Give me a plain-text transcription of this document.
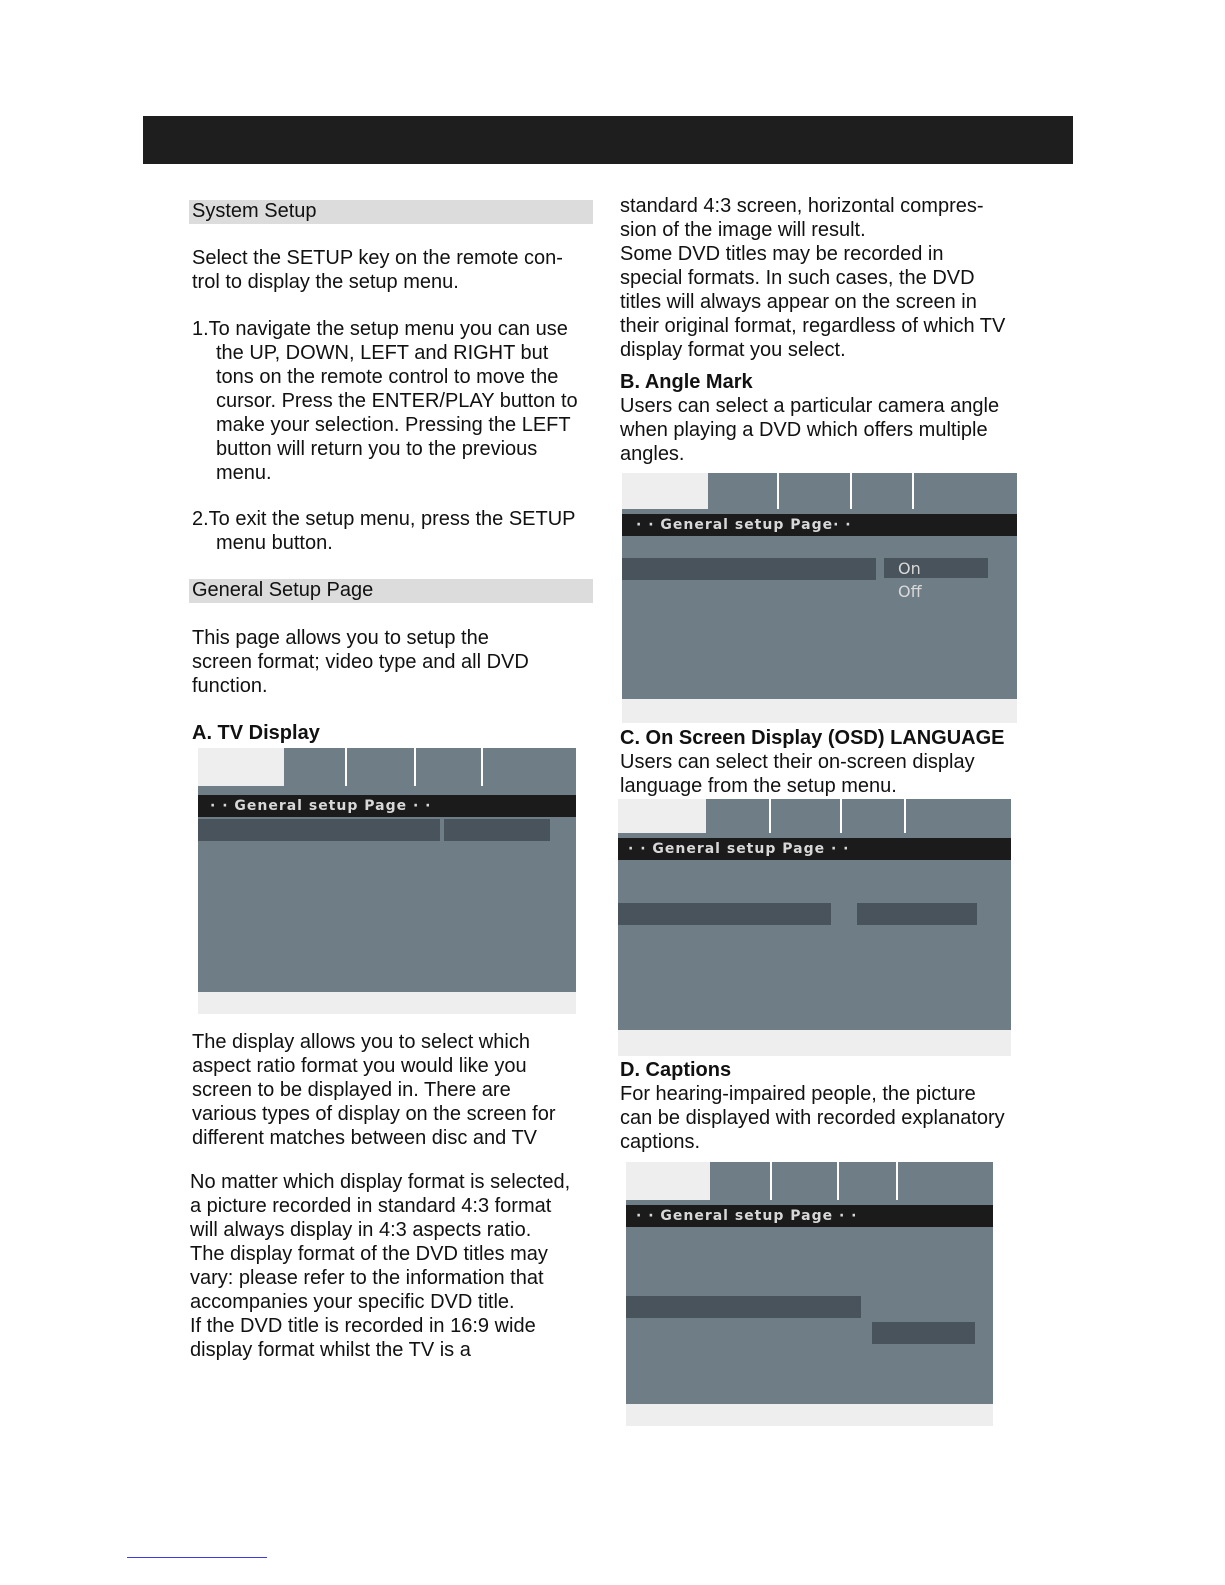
System Setup

Select the SETUP key on the remote con-

trol to display the setup menu.

1.To navigate the setup menu you can use

the UP, DOWN, LEFT and RIGHT but

tons on the remote control to move the

cursor. Press the ENTER/PLAY button to

make your selection. Pressing the LEFT

button will return you to the previous

menu.

2.To exit the setup menu, press the SETUP

menu button.

General Setup Page

This page allows you to setup the

screen format; video type and all DVD

function.

A. TV Display
· · General setup Page · ·

The display allows you to select which

aspect ratio format you would like you

screen to be displayed in. There are

various types of display on the screen for

different matches between disc and TV

No matter which display format is selected,

a picture recorded in standard 4:3 format

will always display in 4:3 aspects ratio.

The display format of the DVD titles may

vary: please refer to the information that

accompanies your specific DVD title.

If the DVD title is recorded in 16:9 wide

display format whilst the TV is a

standard 4:3 screen, horizontal compres-

sion of the image will result.

Some DVD titles may be recorded in

special formats. In such cases, the DVD

titles will always appear on the screen in

their original format, regardless of which TV

display format you select.

B. Angle Mark

Users can select a particular camera angle

when playing a DVD which offers multiple

angles.

· · General setup Page· ·
On
Off
C. On Screen Display (OSD) LANGUAGE

Users can select their on-screen display

language from the setup menu.

· · General setup Page · ·
D. Captions

For hearing-impaired people, the picture

can be displayed with recorded explanatory

captions.

· · General setup Page · ·
